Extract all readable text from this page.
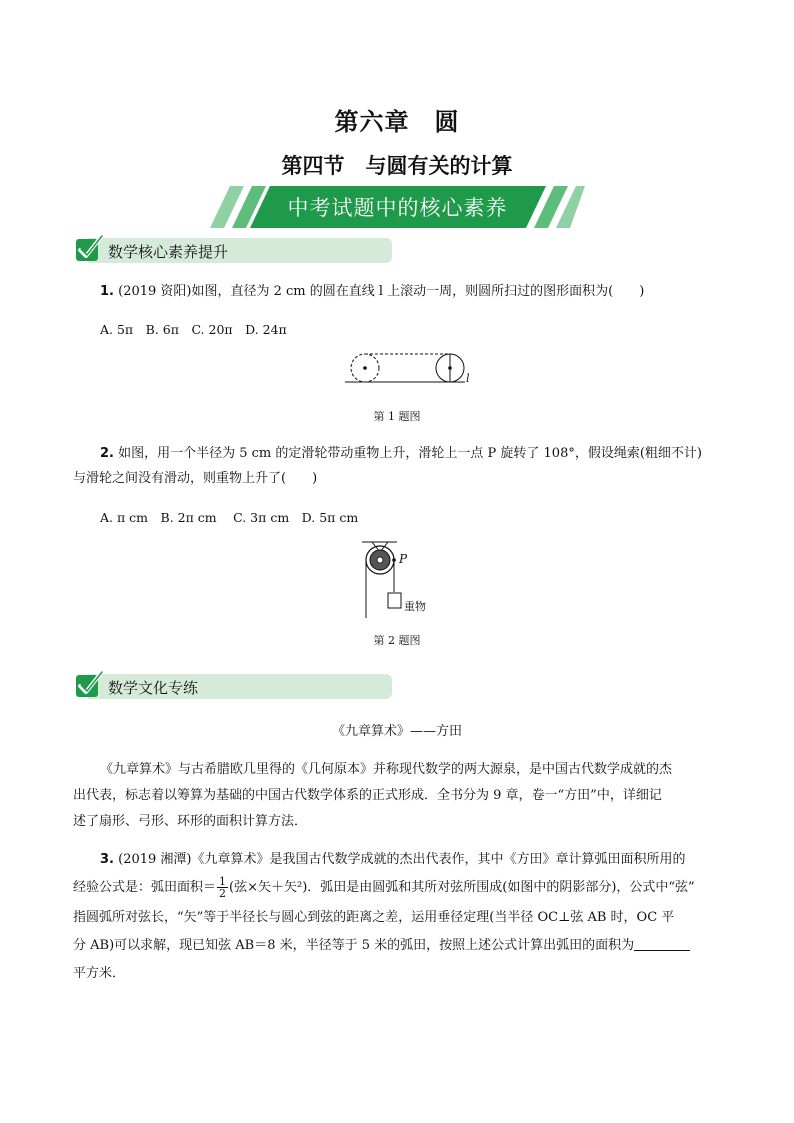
第六章　圆
第四节　与圆有关的计算
中考试题中的核心素养
数学核心素养提升
1. (2019 资阳)如图，直径为 2 cm 的圆在直线 l 上滚动一周，则圆所扫过的图形面积为(　　)
A. 5π　B. 6π　C. 20π　D. 24π
l
第 1 题图
2. 如图，用一个半径为 5 cm 的定滑轮带动重物上升，滑轮上一点 P 旋转了 108°，假设绳索(粗细不计)
与滑轮之间没有滑动，则重物上升了(　　)
A. π cm　B. 2π cm　 C. 3π cm　D. 5π cm
P
重物
第 2 题图
数学文化专练
《九章算术》——方田
《九章算术》与古希腊欧几里得的《几何原本》并称现代数学的两大源泉，是中国古代数学成就的杰
出代表，标志着以筹算为基础的中国古代数学体系的正式形成．全书分为 9 章，卷一“方田”中，详细记
述了扇形、弓形、环形的面积计算方法．
3. (2019 湘潭)《九章算术》是我国古代数学成就的杰出代表作，其中《方田》章计算弧田面积所用的
经验公式是：弧田面积＝ $\frac{1}{2}$ (弦×矢＋矢²)．弧田是由圆弧和其所对弦所围成(如图中的阴影部分)，公式中“弦”
指圆弧所对弦长，“矢”等于半径长与圆心到弦的距离之差，运用垂径定理(当半径 OC⊥弦 AB 时，OC 平
分 AB)可以求解，现已知弦 AB＝8 米，半径等于 5 米的弧田，按照上述公式计算出弧田的面积为
平方米．
